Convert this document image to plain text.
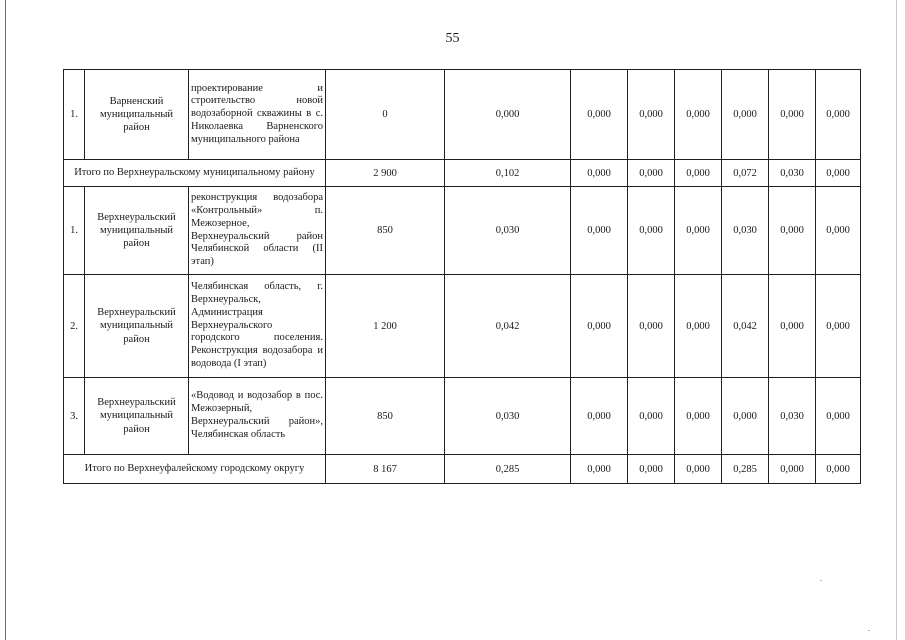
55
1.	Варненский муниципальный район	проектирование и строительство новой водозаборной скважины в с. Николаевка Варненского муниципального района	0	0,000	0,000	0,000	0,000	0,000	0,000	0,000
Итого по Верхнеуральскому муниципальному району			2 900	0,102	0,000	0,000	0,000	0,072	0,030	0,000
1.	Верхнеуральский муниципальный район	реконструкция водозабора «Контрольный» п. Межозерное, Верхнеуральский район Челябинской области (II этап)	850	0,030	0,000	0,000	0,000	0,030	0,000	0,000
2.	Верхнеуральский муниципальный район	Челябинская область, г. Верхнеуральск, Администрация Верхнеуральского городского поселения. Реконструкция водозабора и водовода (I этап)	1 200	0,042	0,000	0,000	0,000	0,042	0,000	0,000
3.	Верхнеуральский муниципальный район	«Водовод и водозабор в пос. Межозерный, Верхнеуральский район», Челябинская область	850	0,030	0,000	0,000	0,000	0,000	0,030	0,000
Итого по Верхнеуфалейскому городскому округу			8 167	0,285	0,000	0,000	0,000	0,285	0,000	0,000
